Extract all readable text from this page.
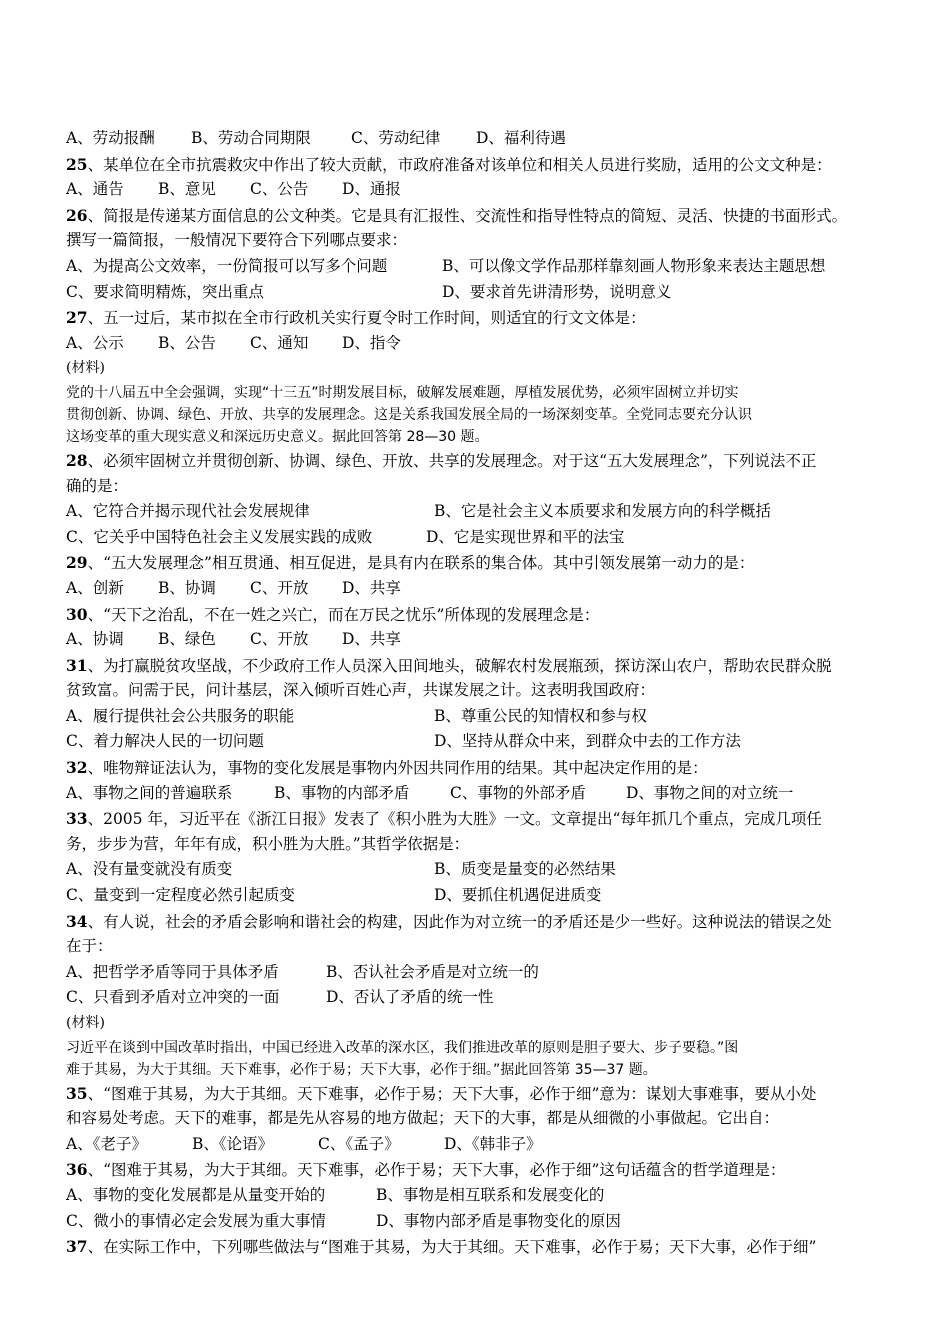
A、劳动报酬 B、劳动合同期限	C、劳动纪律 D、福利待遇
25、某单位在全市抗震救灾中作出了较大贡献，市政府准备对该单位和相关人员进行奖励，适用的公文文种是：
A、通告 B、意见 C、公告 D、通报
26、简报是传递某方面信息的公文种类。它是具有汇报性、交流性和指导性特点的简短、灵活、快捷的书面形式。
撰写一篇简报，一般情况下要符合下列哪点要求：
A、为提高公文效率，一份简报可以写多个问题	B、可以像文学作品那样靠刻画人物形象来表达主题思想
C、要求简明精炼，突出重点	D、要求首先讲清形势，说明意义
27、五一过后，某市拟在全市行政机关实行夏令时工作时间，则适宜的行文文体是：
A、公示 B、公告 C、通知 D、指令
(材料)
党的十八届五中全会强调，实现“十三五”时期发展目标，破解发展难题，厚植发展优势，必须牢固树立并切实
贯彻创新、协调、绿色、开放、共享的发展理念。这是关系我国发展全局的一场深刻变革。全党同志要充分认识
这场变革的重大现实意义和深远历史意义。据此回答第 28—30 题。
28、必须牢固树立并贯彻创新、协调、绿色、开放、共享的发展理念。对于这“五大发展理念”，下列说法不正
确的是：
A、它符合并揭示现代社会发展规律	B、它是社会主义本质要求和发展方向的科学概括
C、它关乎中国特色社会主义发展实践的成败	D、它是实现世界和平的法宝
29、“五大发展理念”相互贯通、相互促进，是具有内在联系的集合体。其中引领发展第一动力的是：
A、创新 B、协调 C、开放 D、共享
30、“天下之治乱，不在一姓之兴亡，而在万民之忧乐”所体现的发展理念是：
A、协调 B、绿色 C、开放 D、共享
31、为打赢脱贫攻坚战，不少政府工作人员深入田间地头，破解农村发展瓶颈，探访深山农户，帮助农民群众脱
贫致富。问需于民，问计基层，深入倾听百姓心声，共谋发展之计。这表明我国政府：
A、履行提供社会公共服务的职能	B、尊重公民的知情权和参与权
C、着力解决人民的一切问题	D、坚持从群众中来，到群众中去的工作方法
32、唯物辩证法认为，事物的变化发展是事物内外因共同作用的结果。其中起决定作用的是：
A、事物之间的普遍联系	B、事物的内部矛盾	C、事物的外部矛盾	D、事物之间的对立统一
33、2005 年，习近平在《浙江日报》发表了《积小胜为大胜》一文。文章提出“每年抓几个重点，完成几项任
务，步步为营，年年有成，积小胜为大胜。”其哲学依据是：
A、没有量变就没有质变	B、质变是量变的必然结果
C、量变到一定程度必然引起质变	D、要抓住机遇促进质变
34、有人说，社会的矛盾会影响和谐社会的构建，因此作为对立统一的矛盾还是少一些好。这种说法的错误之处
在于：
A、把哲学矛盾等同于具体矛盾	B、否认社会矛盾是对立统一的
C、只看到矛盾对立冲突的一面	D、否认了矛盾的统一性
(材料)
习近平在谈到中国改革时指出，中国已经进入改革的深水区，我们推进改革的原则是胆子要大、步子要稳。”图
难于其易，为大于其细。天下难事，必作于易；天下大事，必作于细。”据此回答第 35—37 题。
35、“图难于其易，为大于其细。天下难事，必作于易；天下大事，必作于细”意为：谋划大事难事，要从小处
和容易处考虑。天下的难事，都是先从容易的地方做起；天下的大事，都是从细微的小事做起。它出自：
A、《老子》	B、《论语》	C、《孟子》	D、《韩非子》
36、“图难于其易，为大于其细。天下难事，必作于易；天下大事，必作于细”这句话蕴含的哲学道理是：
A、事物的变化发展都是从量变开始的	B、事物是相互联系和发展变化的
C、微小的事情必定会发展为重大事情	D、事物内部矛盾是事物变化的原因
37、在实际工作中，下列哪些做法与“图难于其易，为大于其细。天下难事，必作于易；天下大事，必作于细”
